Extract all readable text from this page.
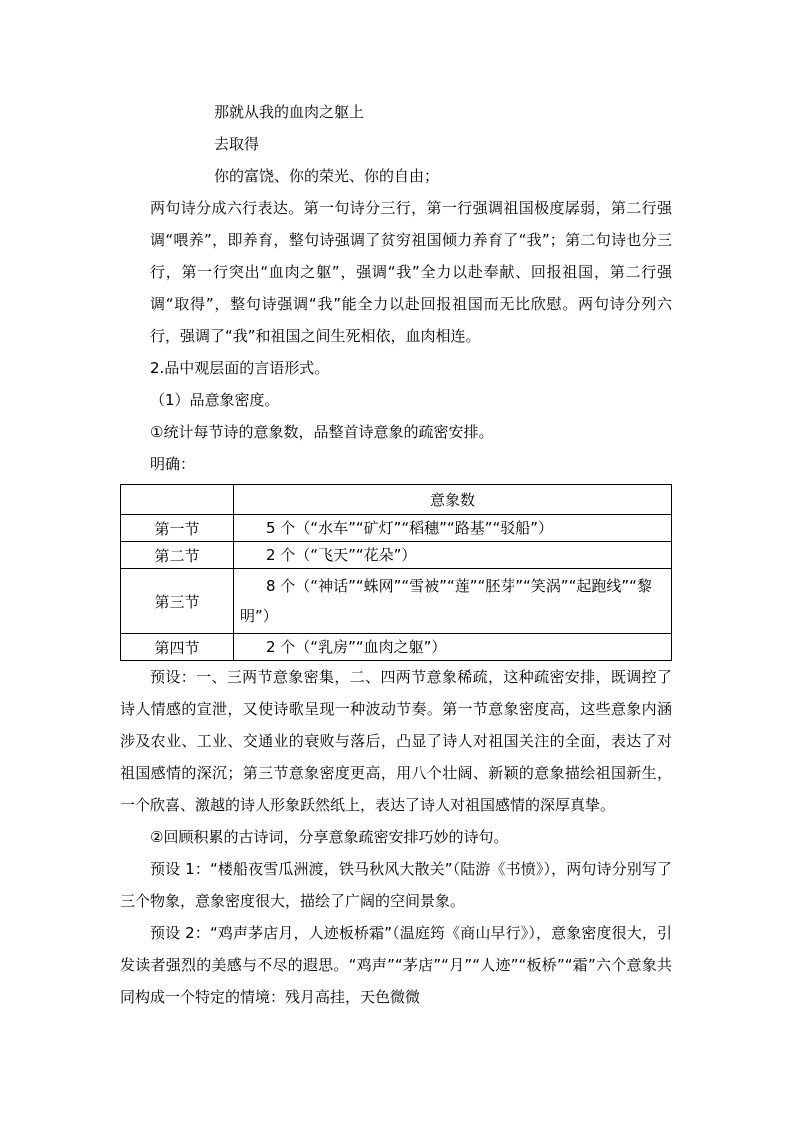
那就从我的血肉之躯上
去取得
你的富饶、你的荣光、你的自由；

两句诗分成六行表达。第一句诗分三行，第一行强调祖国极度孱弱，第二行强调“喂养”，即养育，整句诗强调了贫穷祖国倾力养育了“我”；第二句诗也分三行，第一行突出“血肉之躯”，强调“我”全力以赴奉献、回报祖国，第二行强调“取得”，整句诗强调“我”能全力以赴回报祖国而无比欣慰。两句诗分列六行，强调了“我”和祖国之间生死相依，血肉相连。

2.品中观层面的言语形式。
（1）品意象密度。
①统计每节诗的意象数，品整首诗意象的疏密安排。
明确：
	意象数
第一节	5 个（“水车”“矿灯”“稻穗”“路基”“驳船”）

第二节	2 个（“飞天”“花朵”）

第三节	8 个（“神话”“蛛网”“雪被”“莲”“胚芽”“笑涡”“起跑线”“黎明”）

第四节	2 个（“乳房”“血肉之躯”）

预设：一、三两节意象密集，二、四两节意象稀疏，这种疏密安排，既调控了诗人情感的宣泄，又使诗歌呈现一种波动节奏。第一节意象密度高，这些意象内涵涉及农业、工业、交通业的衰败与落后，凸显了诗人对祖国关注的全面，表达了对祖国感情的深沉；第三节意象密度更高，用八个壮阔、新颖的意象描绘祖国新生，一个欣喜、激越的诗人形象跃然纸上，表达了诗人对祖国感情的深厚真挚。

②回顾积累的古诗词，分享意象疏密安排巧妙的诗句。

预设 1：“楼船夜雪瓜洲渡，铁马秋风大散关”（陆游《书愤》），两句诗分别写了三个物象，意象密度很大，描绘了广阔的空间景象。

预设 2：“鸡声茅店月，人迹板桥霜”（温庭筠《商山早行》），意象密度很大，引发读者强烈的美感与不尽的遐思。“鸡声”“茅店”“月”“人迹”“板桥”“霜”六个意象共同构成一个特定的情境：残月高挂，天色微微
